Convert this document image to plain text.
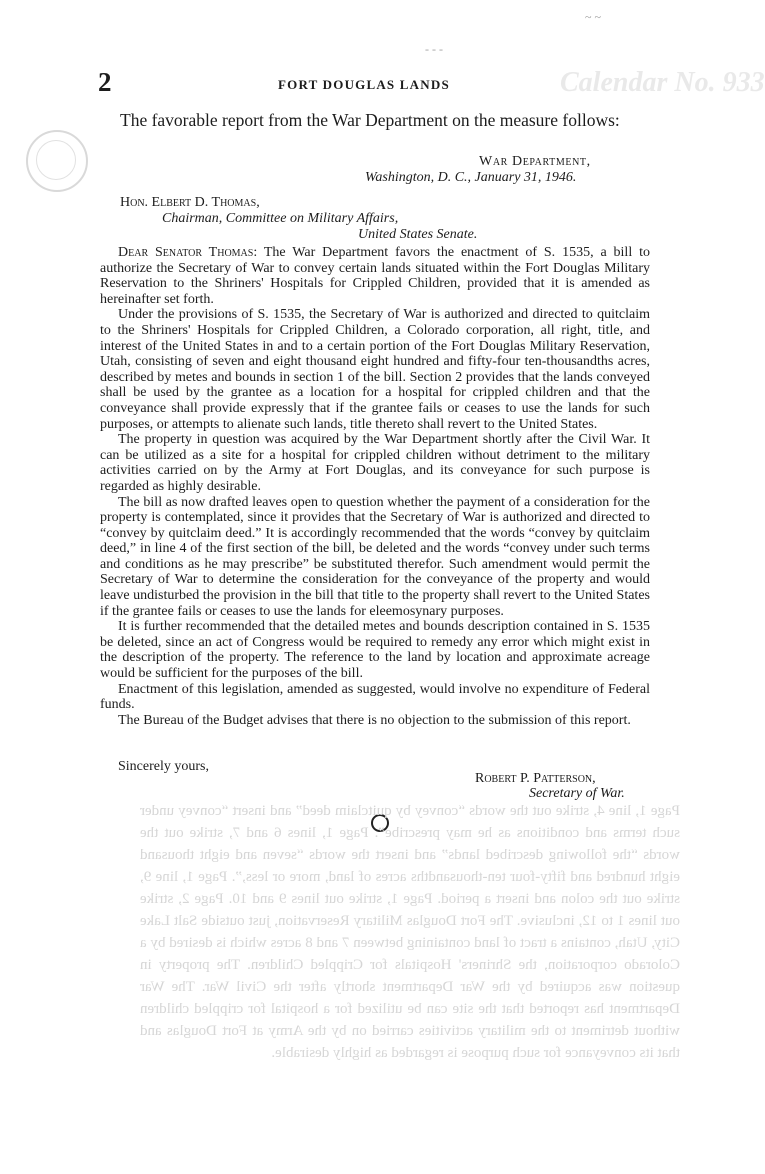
~ ~
- - -
Calendar No. 933
2	FORT DOUGLAS LANDS
The favorable report from the War Department on the measure follows:
War Department,
Washington, D. C., January 31, 1946.
Hon. Elbert D. Thomas,
Chairman, Committee on Military Affairs,
United States Senate.

Dear Senator Thomas: The War Department favors the enactment of S. 1535, a bill to authorize the Secretary of War to convey certain lands situated within the Fort Douglas Military Reservation to the Shriners' Hospitals for Crippled Children, provided that it is amended as hereinafter set forth.

Under the provisions of S. 1535, the Secretary of War is authorized and directed to quitclaim to the Shriners' Hospitals for Crippled Children, a Colorado corporation, all right, title, and interest of the United States in and to a certain portion of the Fort Douglas Military Reservation, Utah, consisting of seven and eight thousand eight hundred and fifty-four ten-thousandths acres, described by metes and bounds in section 1 of the bill. Section 2 provides that the lands conveyed shall be used by the grantee as a location for a hospital for crippled children and that the conveyance shall provide expressly that if the grantee fails or ceases to use the lands for such purposes, or attempts to alienate such lands, title thereto shall revert to the United States.

The property in question was acquired by the War Department shortly after the Civil War. It can be utilized as a site for a hospital for crippled children without detriment to the military activities carried on by the Army at Fort Douglas, and its conveyance for such purpose is regarded as highly desirable.

The bill as now drafted leaves open to question whether the payment of a consideration for the property is contemplated, since it provides that the Secretary of War is authorized and directed to “convey by quitclaim deed.” It is accordingly recommended that the words “convey by quitclaim deed,” in line 4 of the first section of the bill, be deleted and the words “convey under such terms and conditions as he may prescribe” be substituted therefor. Such amendment would permit the Secretary of War to determine the consideration for the conveyance of the property and would leave undisturbed the provision in the bill that title to the property shall revert to the United States if the grantee fails or ceases to use the lands for eleemosynary purposes.

It is further recommended that the detailed metes and bounds description contained in S. 1535 be deleted, since an act of Congress would be required to remedy any error which might exist in the description of the property. The reference to the land by location and approximate acreage would be sufficient for the purposes of the bill.

Enactment of this legislation, amended as suggested, would involve no expenditure of Federal funds.

The Bureau of the Budget advises that there is no objection to the submission of this report.

Sincerely yours,
Robert P. Patterson,
Secretary of War.
Page 1, line 4, strike out the words “convey by quitclaim deed” and insert “convey under such terms and conditions as he may prescribe”. Page 1, lines 6 and 7, strike out the words “the following described lands” and insert the words “seven and eight thousand eight hundred and fifty-four ten-thousandths acres of land, more or less,”. Page 1, line 9, strike out the colon and insert a period. Page 1, strike out lines 9 and 10. Page 2, strike out lines 1 to 12, inclusive. The Fort Douglas Military Reservation, just outside Salt Lake City, Utah, contains a tract of land containing between 7 and 8 acres which is desired by a Colorado corporation, the Shriners' Hospitals for Crippled Children. The property in question was acquired by the War Department shortly after the Civil War. The War Department has reported that the site can be utilized for a hospital for crippled children without detriment to the military activities carried on by the Army at Fort Douglas and that its conveyance for such purpose is regarded as highly desirable.
